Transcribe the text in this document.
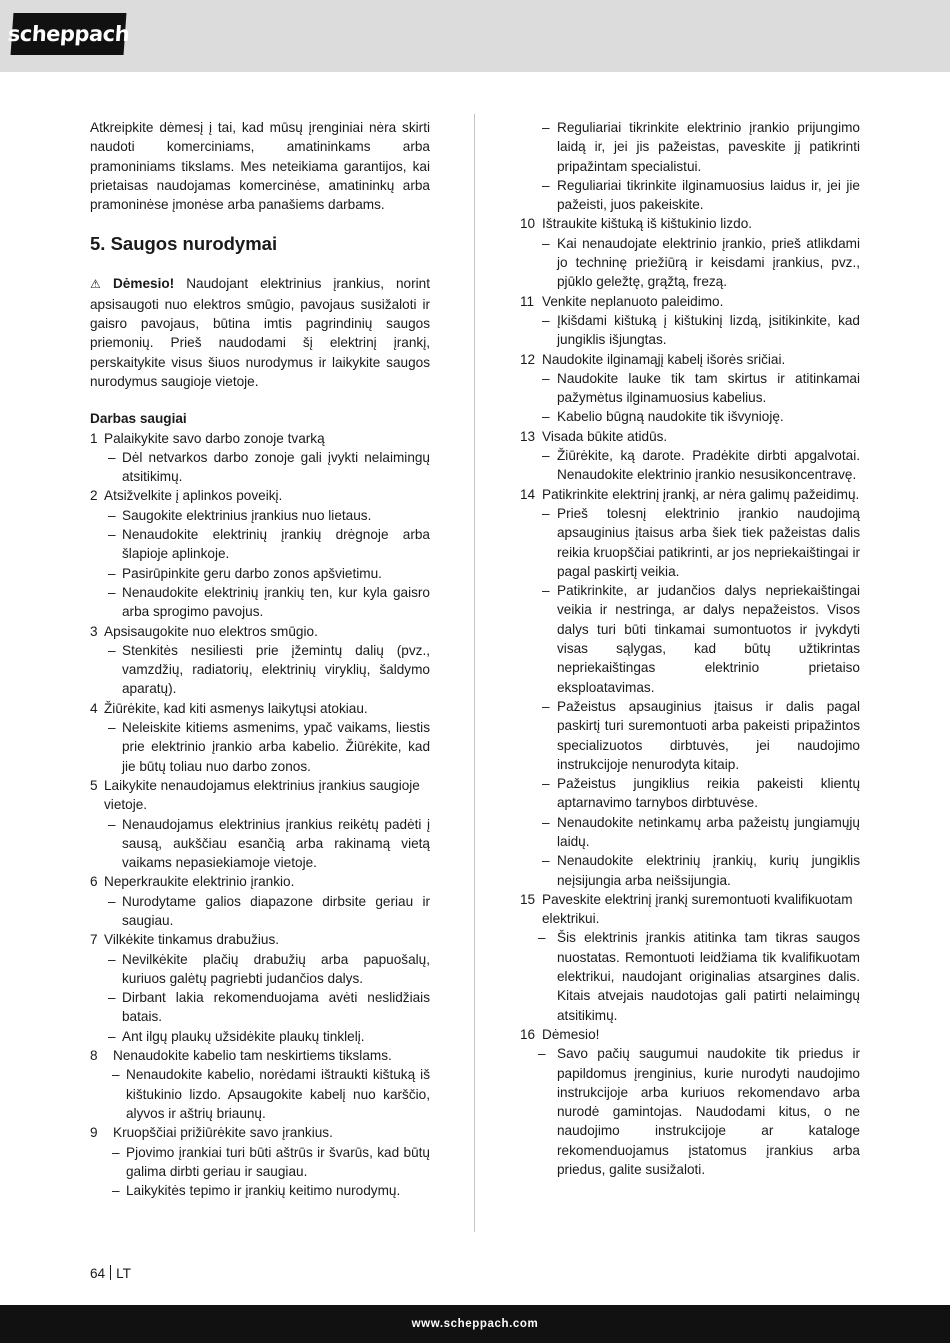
scheppach

Atkreipkite dėmesį į tai, kad mūsų įrenginiai nėra skirti naudoti komerciniams, amatininkams arba pramoniniams tikslams. Mes neteikiama garantijos, kai prietaisas naudojamas komercinėse, amatininkų arba pramoninėse įmonėse arba panašiems darbams.

5. Saugos nurodymai

⚠ Dėmesio! Naudojant elektrinius įrankius, norint apsisaugoti nuo elektros smūgio, pavojaus susižaloti ir gaisro pavojaus, būtina imtis pagrindinių saugos priemonių. Prieš naudodami šį elektrinį įrankį, perskaitykite visus šiuos nurodymus ir laikykite saugos nurodymus saugioje vietoje.

Darbas saugiai
1 Palaikykite savo darbo zonoje tvarką
– Dėl netvarkos darbo zonoje gali įvykti nelaimingų atsitikimų.
2 Atsižvelkite į aplinkos poveikį.
– Saugokite elektrinius įrankius nuo lietaus.
– Nenaudokite elektrinių įrankių drėgnoje arba šlapioje aplinkoje.
– Pasirūpinkite geru darbo zonos apšvietimu.
– Nenaudokite elektrinių įrankių ten, kur kyla gaisro arba sprogimo pavojus.
3 Apsisaugokite nuo elektros smūgio.
– Stenkitės nesiliesti prie įžemintų dalių (pvz., vamzdžių, radiatorių, elektrinių viryklių, šaldymo aparatų).
4 Žiūrėkite, kad kiti asmenys laikytųsi atokiau.
– Neleiskite kitiems asmenims, ypač vaikams, liestis prie elektrinio įrankio arba kabelio. Žiūrėkite, kad jie būtų toliau nuo darbo zonos.
5 Laikykite nenaudojamus elektrinius įrankius saugioje vietoje.
– Nenaudojamus elektrinius įrankius reikėtų padėti į sausą, aukščiau esančią arba rakinamą vietą vaikams nepasiekiamoje vietoje.
6 Neperkraukite elektrinio įrankio.
– Nurodytame galios diapazone dirbsite geriau ir saugiau.
7 Vilkėkite tinkamus drabužius.
– Nevilkėkite plačių drabužių arba papuošalų, kuriuos galėtų pagriebti judančios dalys.
– Dirbant lakia rekomenduojama avėti neslidžiais batais.
– Ant ilgų plaukų užsidėkite plaukų tinklelį.
8 Nenaudokite kabelio tam neskirtiems tikslams.
– Nenaudokite kabelio, norėdami ištraukti kištuką iš kištukinio lizdo. Apsaugokite kabelį nuo karščio, alyvos ir aštrių briaunų.
9 Kruopščiai prižiūrėkite savo įrankius.
– Pjovimo įrankiai turi būti aštrūs ir švarūs, kad būtų galima dirbti geriau ir saugiau.
– Laikykitės tepimo ir įrankių keitimo nurodymų.
– Reguliariai tikrinkite elektrinio įrankio prijungimo laidą ir, jei jis pažeistas, paveskite jį patikrinti pripažintam specialistui.
– Reguliariai tikrinkite ilginamuosius laidus ir, jei jie pažeisti, juos pakeiskite.
10 Ištraukite kištuką iš kištukinio lizdo.
– Kai nenaudojate elektrinio įrankio, prieš atlikdami jo techninę priežiūrą ir keisdami įrankius, pvz., pjūklo geležtę, grąžtą, frezą.
11 Venkite neplanuoto paleidimo.
– Įkišdami kištuką į kištukinį lizdą, įsitikinkite, kad jungiklis išjungtas.
12 Naudokite ilginamąjį kabelį išorės sričiai.
– Naudokite lauke tik tam skirtus ir atitinkamai pažymėtus ilginamuosius kabelius.
– Kabelio būgną naudokite tik išvynioję.
13 Visada būkite atidūs.
– Žiūrėkite, ką darote. Pradėkite dirbti apgalvotai. Nenaudokite elektrinio įrankio nesusikoncentravę.
14 Patikrinkite elektrinį įrankį, ar nėra galimų pažeidimų.
– Prieš tolesnį elektrinio įrankio naudojimą apsauginius įtaisus arba šiek tiek pažeistas dalis reikia kruopščiai patikrinti, ar jos nepriekaištingai ir pagal paskirtį veikia.
– Patikrinkite, ar judančios dalys nepriekaištingai veikia ir nestringa, ar dalys nepažeistos. Visos dalys turi būti tinkamai sumontuotos ir įvykdyti visas sąlygas, kad būtų užtikrintas nepriekaištingas elektrinio prietaiso eksploatavimas.
– Pažeistus apsauginius įtaisus ir dalis pagal paskirtį turi suremontuoti arba pakeisti pripažintos specializuotos dirbtuvės, jei naudojimo instrukcijoje nenurodyta kitaip.
– Pažeistus jungiklius reikia pakeisti klientų aptarnavimo tarnybos dirbtuvėse.
– Nenaudokite netinkamų arba pažeistų jungiamųjų laidų.
– Nenaudokite elektrinių įrankių, kurių jungiklis neįsijungia arba neišsijungia.
15 Paveskite elektrinį įrankį suremontuoti kvalifikuotam elektrikui.
– Šis elektrinis įrankis atitinka tam tikras saugos nuostatas. Remontuoti leidžiama tik kvalifikuotam elektrikui, naudojant originalias atsargines dalis. Kitais atvejais naudotojas gali patirti nelaimingų atsitikimų.
16 Dėmesio!
– Savo pačių saugumui naudokite tik priedus ir papildomus įrenginius, kurie nurodyti naudojimo instrukcijoje arba kuriuos rekomendavo arba nurodė gamintojas. Naudodami kitus, o ne naudojimo instrukcijoje ar kataloge rekomenduojamus įstatomus įrankius arba priedus, galite susižaloti.
64 LT
www.scheppach.com
